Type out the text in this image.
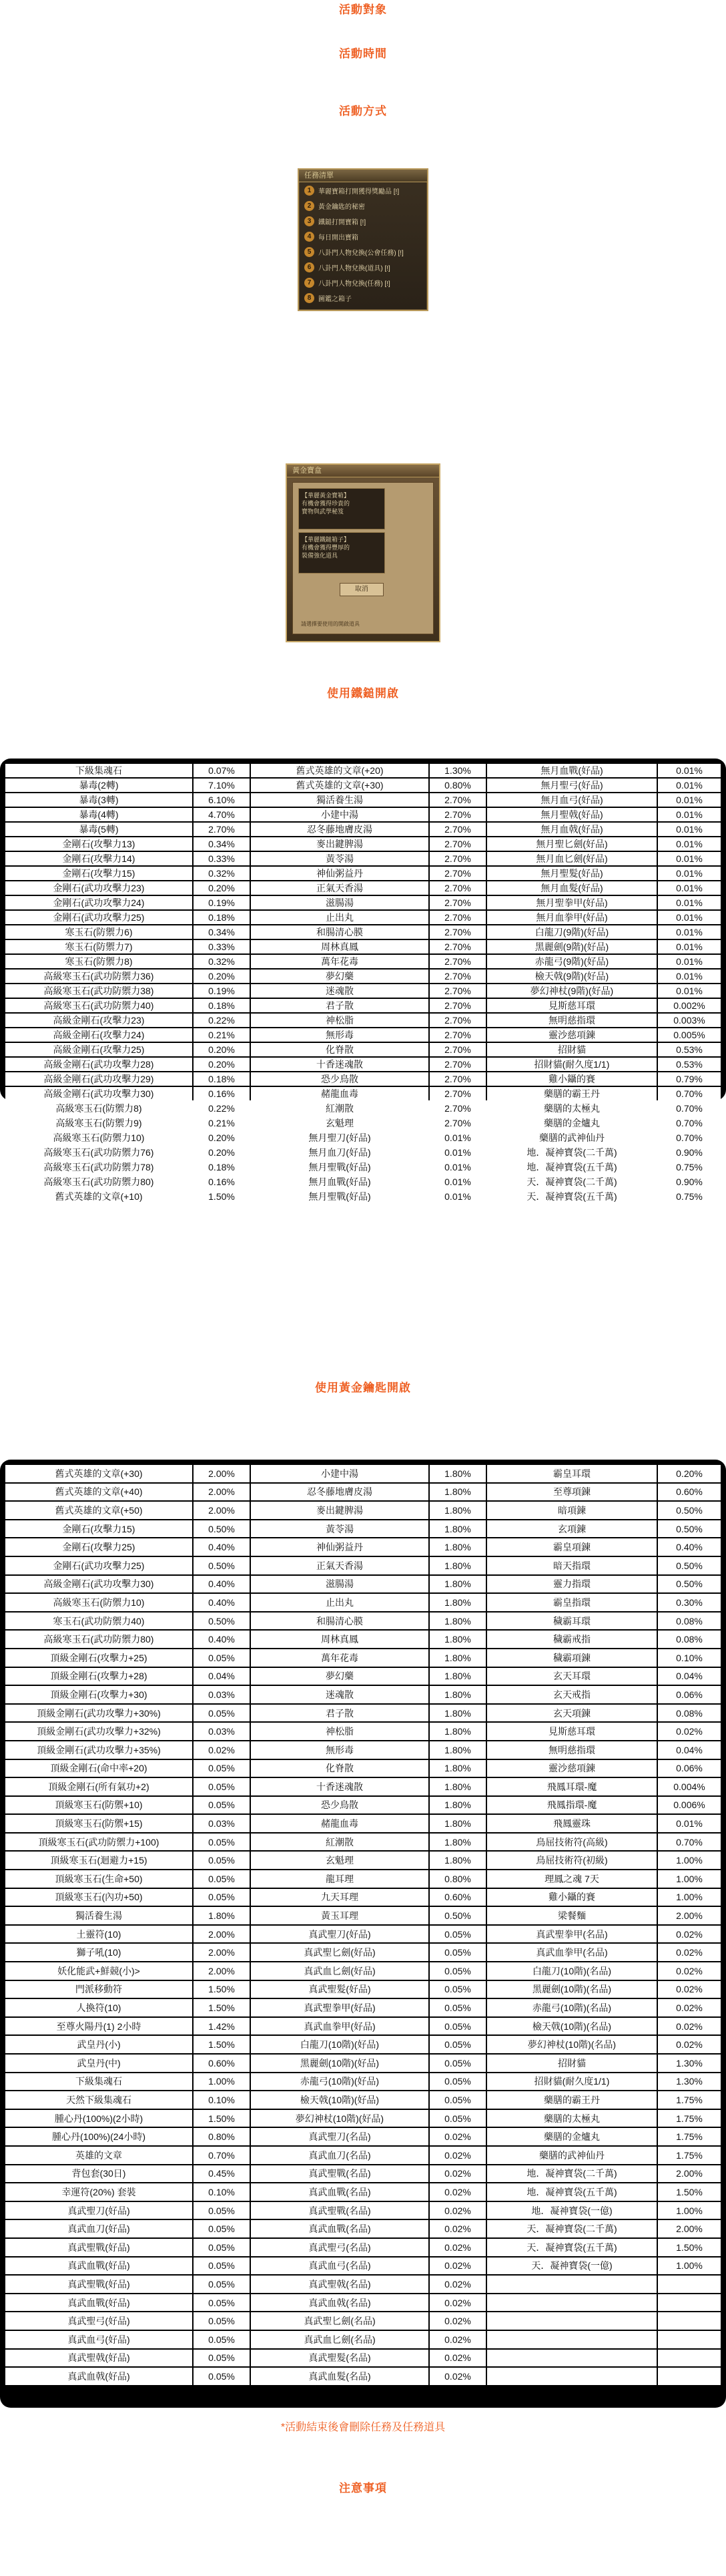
活動對象
活動時間
活動方式
任務清單
1	華麗寶箱打開獲得獎勵品 [!]
2	黃金鑰匙的秘密
3	鐵鎚打開寶箱 [!]
4	每日開出寶箱
5	八卦門人物兌換(公會任務) [!]
6	八卦門人物兌換(道具) [!]
7	八卦門人物兌換(任務) [!]
8	圖鑑之箱子
黃金寶盒
【華麗黃金寶箱】
有機會獲得珍貴的
寶物與武學秘笈
【華麗鐵鎚箱子】
有機會獲得豐厚的
裝備強化道具
取消
請選擇要使用的開啟道具
使用鐵鎚開啟
下級集魂石	0.07%	舊式英雄的文章(+20)	1.30%	無月血戰(好品)	0.01%
暴毒(2轉)	7.10%	舊式英雄的文章(+30)	0.80%	無月聖弓(好品)	0.01%
暴毒(3轉)	6.10%	獨活養生湯	2.70%	無月血弓(好品)	0.01%
暴毒(4轉)	4.70%	小建中湯	2.70%	無月聖戟(好品)	0.01%
暴毒(5轉)	2.70%	忍冬藤地膚皮湯	2.70%	無月血戟(好品)	0.01%
金剛石(攻擊力13)	0.34%	麥出鍵脾湯	2.70%	無月聖匕劍(好品)	0.01%
金剛石(攻擊力14)	0.33%	黃苓湯	2.70%	無月血匕劍(好品)	0.01%
金剛石(攻擊力15)	0.32%	神仙粥益丹	2.70%	無月聖髮(好品)	0.01%
金剛石(武功攻擊力23)	0.20%	正氣天香湯	2.70%	無月血髮(好品)	0.01%
金剛石(武功攻擊力24)	0.19%	滋腸湯	2.70%	無月聖拳甲(好品)	0.01%
金剛石(武功攻擊力25)	0.18%	止出丸	2.70%	無月血拳甲(好品)	0.01%
寒玉石(防禦力6)	0.34%	和腸清心膜	2.70%	白龍刀(9階)(好品)	0.01%
寒玉石(防禦力7)	0.33%	周林真鳳	2.70%	黑麗劍(9階)(好品)	0.01%
寒玉石(防禦力8)	0.32%	萬年花毒	2.70%	赤龍弓(9階)(好品)	0.01%
高級寒玉石(武功防禦力36)	0.20%	夢幻藥	2.70%	檢天戟(9階)(好品)	0.01%
高級寒玉石(武功防禦力38)	0.19%	迷魂散	2.70%	夢幻神杖(9階)(好品)	0.01%
高級寒玉石(武功防禦力40)	0.18%	君子散	2.70%	見斯慈耳環	0.002%
高級金剛石(攻擊力23)	0.22%	神松脂	2.70%	無明慈指環	0.003%
高級金剛石(攻擊力24)	0.21%	無形毒	2.70%	靈沙慈項鍊	0.005%
高級金剛石(攻擊力25)	0.20%	化脊散	2.70%	招財貓	0.53%
高級金剛石(武功攻擊力28)	0.20%	十香迷魂散	2.70%	招財貓(耐久度1/1)	0.53%
高級金剛石(武功攻擊力29)	0.18%	恐少鳥散	2.70%	雞小鑷的賽	0.79%
高級金剛石(武功攻擊力30)	0.16%	赭龍血毒	2.70%	藥膳的霸王丹	0.70%
高級寒玉石(防禦力8)	0.22%	紅潮散	2.70%	藥膳的太極丸	0.70%
高級寒玉石(防禦力9)	0.21%	玄魁理	2.70%	藥膳的金爐丸	0.70%
高級寒玉石(防禦力10)	0.20%	無月聖刀(好品)	0.01%	藥膳的武神仙丹	0.70%
高級寒玉石(武功防禦力76)	0.20%	無月血刀(好品)	0.01%	地．凝神寶袋(二千萬)	0.90%
高級寒玉石(武功防禦力78)	0.18%	無月聖戰(好品)	0.01%	地．凝神寶袋(五千萬)	0.75%
高級寒玉石(武功防禦力80)	0.16%	無月血戰(好品)	0.01%	天．凝神寶袋(二千萬)	0.90%
舊式英雄的文章(+10)	1.50%	無月聖戰(好品)	0.01%	天．凝神寶袋(五千萬)	0.75%
使用黃金鑰匙開啟
舊式英雄的文章(+30)	2.00%	小建中湯	1.80%	霸皇耳環	0.20%
舊式英雄的文章(+40)	2.00%	忍冬藤地膚皮湯	1.80%	至尊項鍊	0.60%
舊式英雄的文章(+50)	2.00%	麥出鍵脾湯	1.80%	暗項鍊	0.50%
金剛石(攻擊力15)	0.50%	黃苓湯	1.80%	玄項鍊	0.50%
金剛石(攻擊力25)	0.40%	神仙粥益丹	1.80%	霸皇項鍊	0.40%
金剛石(武功攻擊力25)	0.50%	正氣天香湯	1.80%	暗天指環	0.50%
高級金剛石(武功攻擊力30)	0.40%	滋腸湯	1.80%	靈力指環	0.50%
高級寒玉石(防禦力10)	0.40%	止出丸	1.80%	霸皇指環	0.30%
寒玉石(武功防禦力40)	0.50%	和腸清心膜	1.80%	穢霸耳環	0.08%
高級寒玉石(武功防禦力80)	0.40%	周林真鳳	1.80%	穢霸戒指	0.08%
頂級金剛石(攻擊力+25)	0.05%	萬年花毒	1.80%	穢霸項鍊	0.10%
頂級金剛石(攻擊力+28)	0.04%	夢幻藥	1.80%	玄天耳環	0.04%
頂級金剛石(攻擊力+30)	0.03%	迷魂散	1.80%	玄天戒指	0.06%
頂級金剛石(武功攻擊力+30%)	0.05%	君子散	1.80%	玄天項鍊	0.08%
頂級金剛石(武功攻擊力+32%)	0.03%	神松脂	1.80%	見斯慈耳環	0.02%
頂級金剛石(武功攻擊力+35%)	0.02%	無形毒	1.80%	無明慈指環	0.04%
頂級金剛石(命中率+20)	0.05%	化脊散	1.80%	靈沙慈項鍊	0.06%
頂級金剛石(所有氣功+2)	0.05%	十香迷魂散	1.80%	飛鳳耳環-魔	0.004%
頂級寒玉石(防禦+10)	0.05%	恐少鳥散	1.80%	飛鳳指環-魔	0.006%
頂級寒玉石(防禦+15)	0.03%	赭龍血毒	1.80%	飛鳳靈珠	0.01%
頂級寒玉石(武功防禦力+100)	0.05%	紅潮散	1.80%	鳥屈技術符(高級)	0.70%
頂級寒玉石(迴避力+15)	0.05%	玄魁理	1.80%	鳥屈技術符(初級)	1.00%
頂級寒玉石(生命+50)	0.05%	龍耳理	0.80%	理鳳之魂 7天	1.00%
頂級寒玉石(內功+50)	0.05%	九天耳理	0.60%	雞小鑷的賽	1.00%
獨活養生湯	1.80%	黃玉耳理	0.50%	梁餐麵	2.00%
土靈符(10)	2.00%	真武聖刀(好品)	0.05%	真武聖拳甲(名品)	0.02%
獅子吼(10)	2.00%	真武聖匕劍(好品)	0.05%	真武血拳甲(名品)	0.02%
妖化能武+鮮競(小)>	2.00%	真武血匕劍(好品)	0.05%	白龍刀(10階)(名品)	0.02%
門派移動符	1.50%	真武聖髮(好品)	0.05%	黑麗劍(10階)(名品)	0.02%
人換符(10)	1.50%	真武聖拳甲(好品)	0.05%	赤龍弓(10階)(名品)	0.02%
至尊火陽丹(1) 2小時	1.42%	真武血拳甲(好品)	0.05%	檢天戟(10階)(名品)	0.02%
武皇丹(小)	1.50%	白龍刀(10階)(好品)	0.05%	夢幻神杖(10階)(名品)	0.02%
武皇丹(中)	0.60%	黑麗劍(10階)(好品)	0.05%	招財貓	1.30%
下級集魂石	1.00%	赤龍弓(10階)(好品)	0.05%	招財貓(耐久度1/1)	1.30%
天然下級集魂石	0.10%	檢天戟(10階)(好品)	0.05%	藥膳的霸王丹	1.75%
腫心丹(100%)(2小時)	1.50%	夢幻神杖(10階)(好品)	0.05%	藥膳的太極丸	1.75%
腫心丹(100%)(24小時)	0.80%	真武聖刀(名品)	0.02%	藥膳的金爐丸	1.75%
英雄的文章	0.70%	真武血刀(名品)	0.02%	藥膳的武神仙丹	1.75%
背包套(30日)	0.45%	真武聖戰(名品)	0.02%	地．凝神寶袋(二千萬)	2.00%
幸運符(20%) 套裝	0.10%	真武血戰(名品)	0.02%	地．凝神寶袋(五千萬)	1.50%
真武聖刀(好品)	0.05%	真武聖戰(名品)	0.02%	地．凝神寶袋(一億)	1.00%
真武血刀(好品)	0.05%	真武血戰(名品)	0.02%	天．凝神寶袋(二千萬)	2.00%
真武聖戰(好品)	0.05%	真武聖弓(名品)	0.02%	天．凝神寶袋(五千萬)	1.50%
真武血戰(好品)	0.05%	真武血弓(名品)	0.02%	天．凝神寶袋(一億)	1.00%
真武聖戰(好品)	0.05%	真武聖戟(名品)	0.02%		
真武血戰(好品)	0.05%	真武血戟(名品)	0.02%		
真武聖弓(好品)	0.05%	真武聖匕劍(名品)	0.02%		
真武血弓(好品)	0.05%	真武血匕劍(名品)	0.02%		
真武聖戟(好品)	0.05%	真武聖髮(名品)	0.02%		
真武血戟(好品)	0.05%	真武血髮(名品)	0.02%		
*活動結束後會刪除任務及任務道具
注意事項
